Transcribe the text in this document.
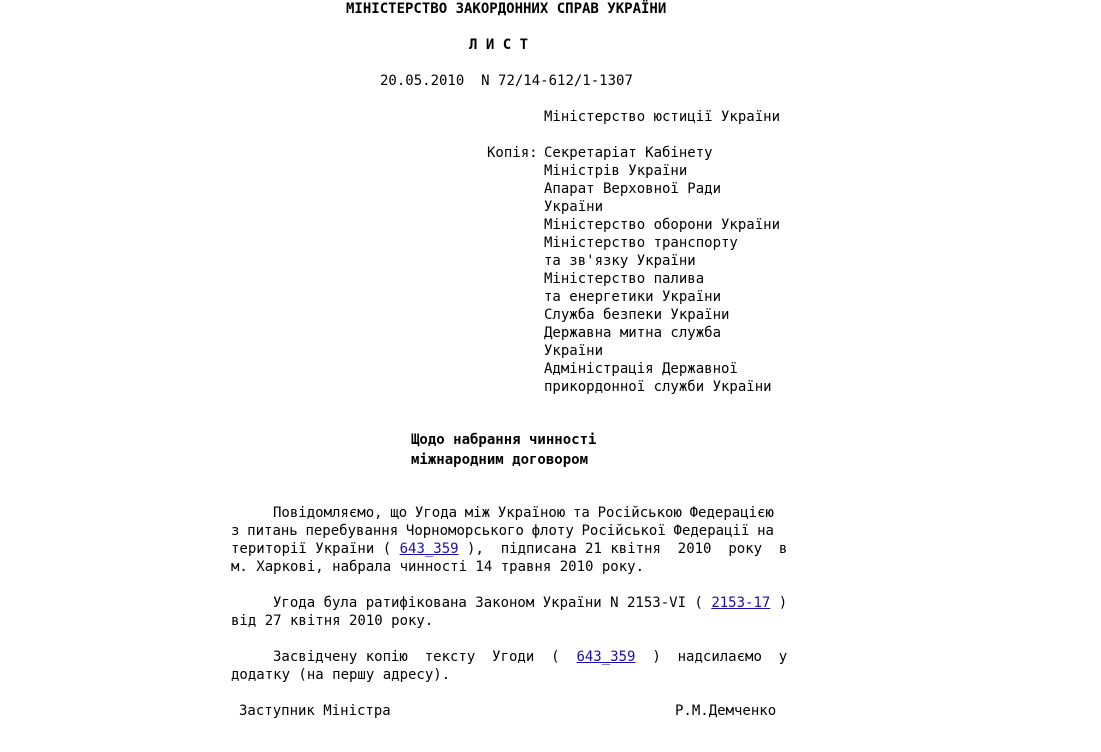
МІНІСТЕРСТВО ЗАКОРДОННИХ СПРАВ УКРАЇНИ
Л И С Т
20.05.2010 N 72/14-612/1-1307
Міністерство юстиції України
Копія: Секретаріат Кабінету
Міністрів України
Апарат Верховної Ради
України
Міністерство оборони України
Міністерство транспорту
та зв'язку України
Міністерство палива
та енергетики України
Служба безпеки України
Державна митна служба
України
Адміністрація Державної
прикордонної служби України
Щодо набрання чинності
міжнародним договором
Повідомляємо, що Угода між Україною та Російською Федерацією
з питань перебування Чорноморського флоту Російської Федерації на
території України ( 643_359 ),  підписана 21 квітня  2010  року  в
м. Харкові, набрала чинності 14 травня 2010 року.
Угода була ратифікована Законом України N 2153-VI ( 2153-17 )
від 27 квітня 2010 року.
Засвідчену копію  тексту  Угоди  ( 643_359 )  надсилаємо  у
додатку (на першу адресу).
Заступник Міністра	Р.М.Демченко
